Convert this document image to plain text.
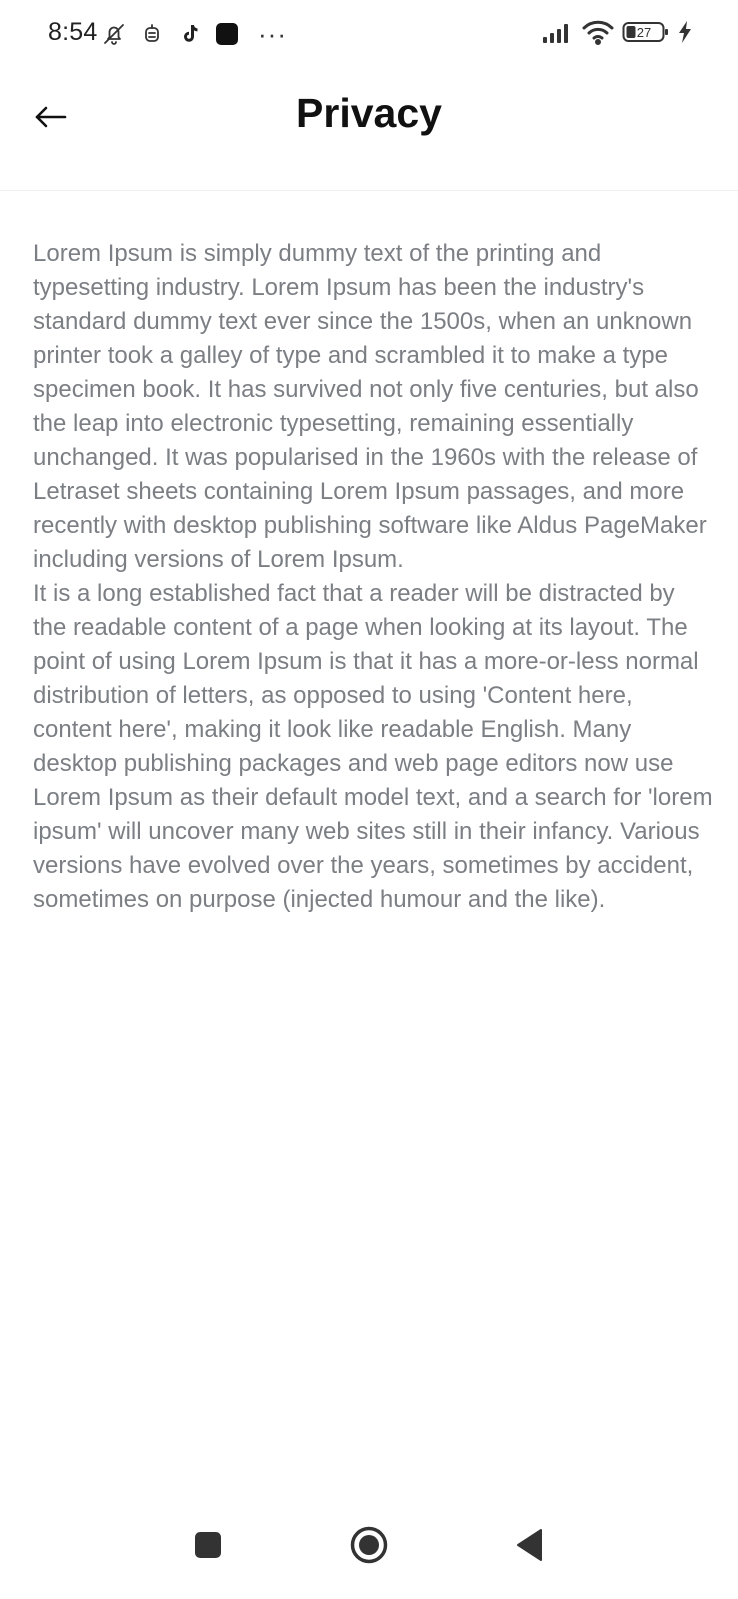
8:54	···	27
Privacy

Lorem Ipsum is simply dummy text of the printing and typesetting industry. Lorem Ipsum has been the industry's standard dummy text ever since the 1500s, when an unknown printer took a galley of type and scrambled it to make a type specimen book. It has survived not only five centuries, but also the leap into electronic typesetting, remaining essentially unchanged. It was popularised in the 1960s with the release of Letraset sheets containing Lorem Ipsum passages, and more recently with desktop publishing software like Aldus PageMaker including versions of Lorem Ipsum.

It is a long established fact that a reader will be distracted by the readable content of a page when looking at its layout. The point of using Lorem Ipsum is that it has a more-or-less normal distribution of letters, as opposed to using 'Content here, content here', making it look like readable English. Many desktop publishing packages and web page editors now use Lorem Ipsum as their default model text, and a search for 'lorem ipsum' will uncover many web sites still in their infancy. Various versions have evolved over the years, sometimes by accident, sometimes on purpose (injected humour and the like).
